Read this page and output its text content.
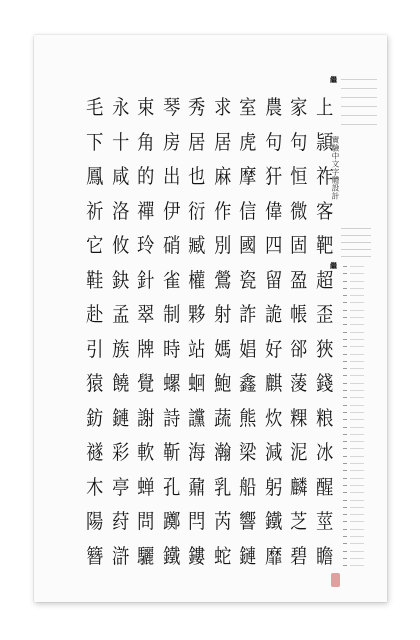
毛 永 束 琴 秀 求 室 農 家 上
下 十 角 房 居 居 虎 句 句 頴
鳳 咸 的 出 也 麻 摩 犴 恒 祚
祈 洛 禪 伊 衍 作 信 偉 微 客
它 攸 玲 硝 臧 別 國 四 固 靶
鞋 鈌 針 雀 權 鶯 瓷 留 盈 超
赴 孟 翠 制 夥 射 詐 詭 帳 歪
引 族 牌 時 站 媽 娼 好 郤 狹
猿 饒 覺 螺 蛔 鮑 鑫 麒 蔆 錢
鈁 鏈 謝 詩 讜 蔬 熊 炊 粿 粮
禭 彩 軟 靳 海 瀚 梁 減 泥 冰
木 亭 蝉 孔 鼐 乳 船 躬 麟 醒
陽 荮 問 躑 閂 芮 響 鐵 芝 莖
簪 滸 驪 鐵 鏤 蛇 鏈 靡 碧 瞻
繼
實驗中文字體設計
繼
